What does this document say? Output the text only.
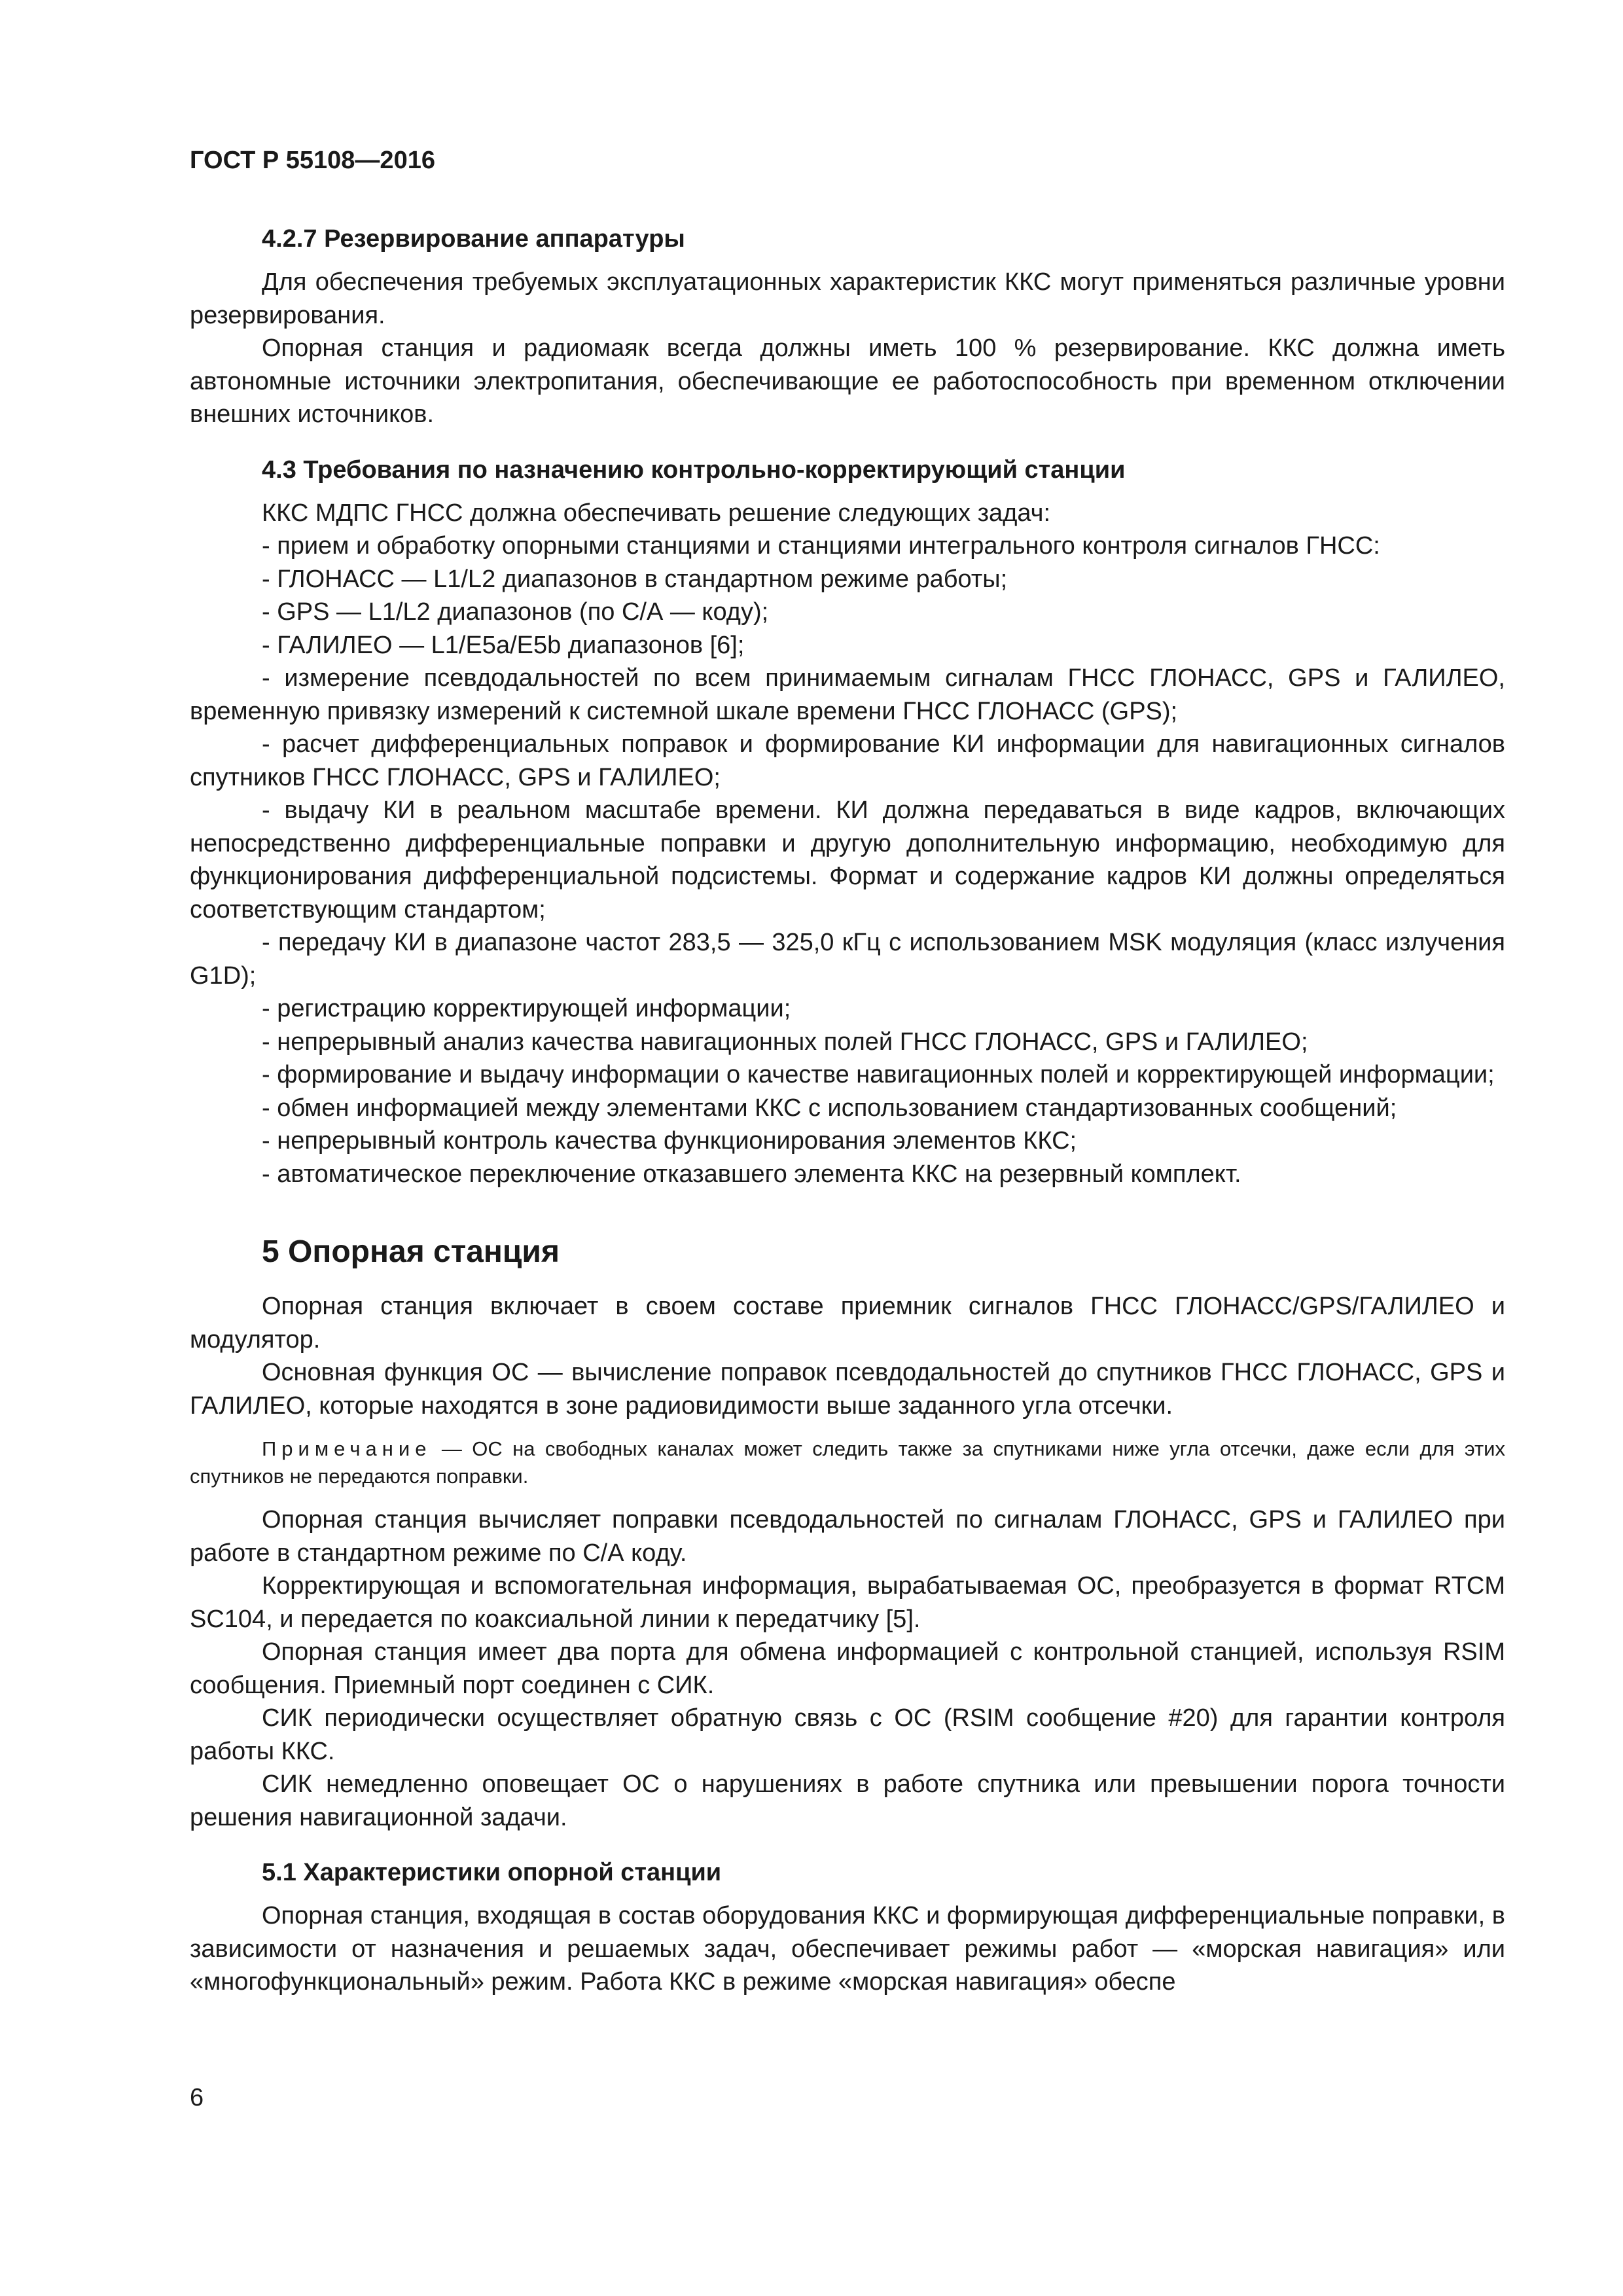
ГОСТ Р 55108—2016
4.2.7 Резервирование аппаратуры

Для обеспечения требуемых эксплуатационных характеристик ККС могут применяться различные уровни резервирования.

Опорная станция и радиомаяк всегда должны иметь 100 % резервирование. ККС должна иметь автономные источники электропитания, обеспечивающие ее работоспособность при временном отключении внешних источников.

4.3 Требования по назначению контрольно-корректирующий станции

ККС МДПС ГНСС должна обеспечивать решение следующих задач:

- прием и обработку опорными станциями и станциями интегрального контроля сигналов ГНСС:

- ГЛОНАСС — L1/L2 диапазонов в стандартном режиме работы;

- GPS — L1/L2 диапазонов (по С/А — коду);

- ГАЛИЛЕО — L1/E5a/E5b диапазонов [6];

- измерение псевдодальностей по всем принимаемым сигналам ГНСС ГЛОНАСС, GPS и ГАЛИЛЕО, временную привязку измерений к системной шкале времени ГНСС ГЛОНАСС (GPS);

- расчет дифференциальных поправок и формирование КИ информации для навигационных сигналов спутников ГНСС ГЛОНАСС, GPS и ГАЛИЛЕО;

- выдачу КИ в реальном масштабе времени. КИ должна передаваться в виде кадров, включающих непосредственно дифференциальные поправки и другую дополнительную информацию, необходимую для функционирования дифференциальной подсистемы. Формат и содержание кадров КИ должны определяться соответствующим стандартом;

- передачу КИ в диапазоне частот 283,5 — 325,0 кГц с использованием MSK модуляция (класс излучения G1D);

- регистрацию корректирующей информации;

- непрерывный анализ качества навигационных полей ГНСС ГЛОНАСС, GPS и ГАЛИЛЕО;

- формирование и выдачу информации о качестве навигационных полей и корректирующей информации;

- обмен информацией между элементами ККС с использованием стандартизованных сообщений;

- непрерывный контроль качества функционирования элементов ККС;

- автоматическое переключение отказавшего элемента ККС на резервный комплект.

5 Опорная станция

Опорная станция включает в своем составе приемник сигналов ГНСС ГЛОНАСС/GPS/ГАЛИЛЕО и модулятор.

Основная функция ОС — вычисление поправок псевдодальностей до спутников ГНСС ГЛОНАСС, GPS и ГАЛИЛЕО, которые находятся в зоне радиовидимости выше заданного угла отсечки.

Примечание — ОС на свободных каналах может следить также за спутниками ниже угла отсечки, даже если для этих спутников не передаются поправки.

Опорная станция вычисляет поправки псевдодальностей по сигналам ГЛОНАСС, GPS и ГАЛИЛЕО при работе в стандартном режиме по С/А коду.

Корректирующая и вспомогательная информация, вырабатываемая ОС, преобразуется в формат RTCM SC104, и передается по коаксиальной линии к передатчику [5].

Опорная станция имеет два порта для обмена информацией с контрольной станцией, используя RSIM сообщения. Приемный порт соединен с СИК.

СИК периодически осуществляет обратную связь с ОС (RSIM сообщение #20) для гарантии контроля работы ККС.

СИК немедленно оповещает ОС о нарушениях в работе спутника или превышении порога точности решения навигационной задачи.

5.1 Характеристики опорной станции

Опорная станция, входящая в состав оборудования ККС и формирующая дифференциальные поправки, в зависимости от назначения и решаемых задач, обеспечивает режимы работ — «морская навигация» или «многофункциональный» режим. Работа ККС в режиме «морская навигация» обеспе

6
